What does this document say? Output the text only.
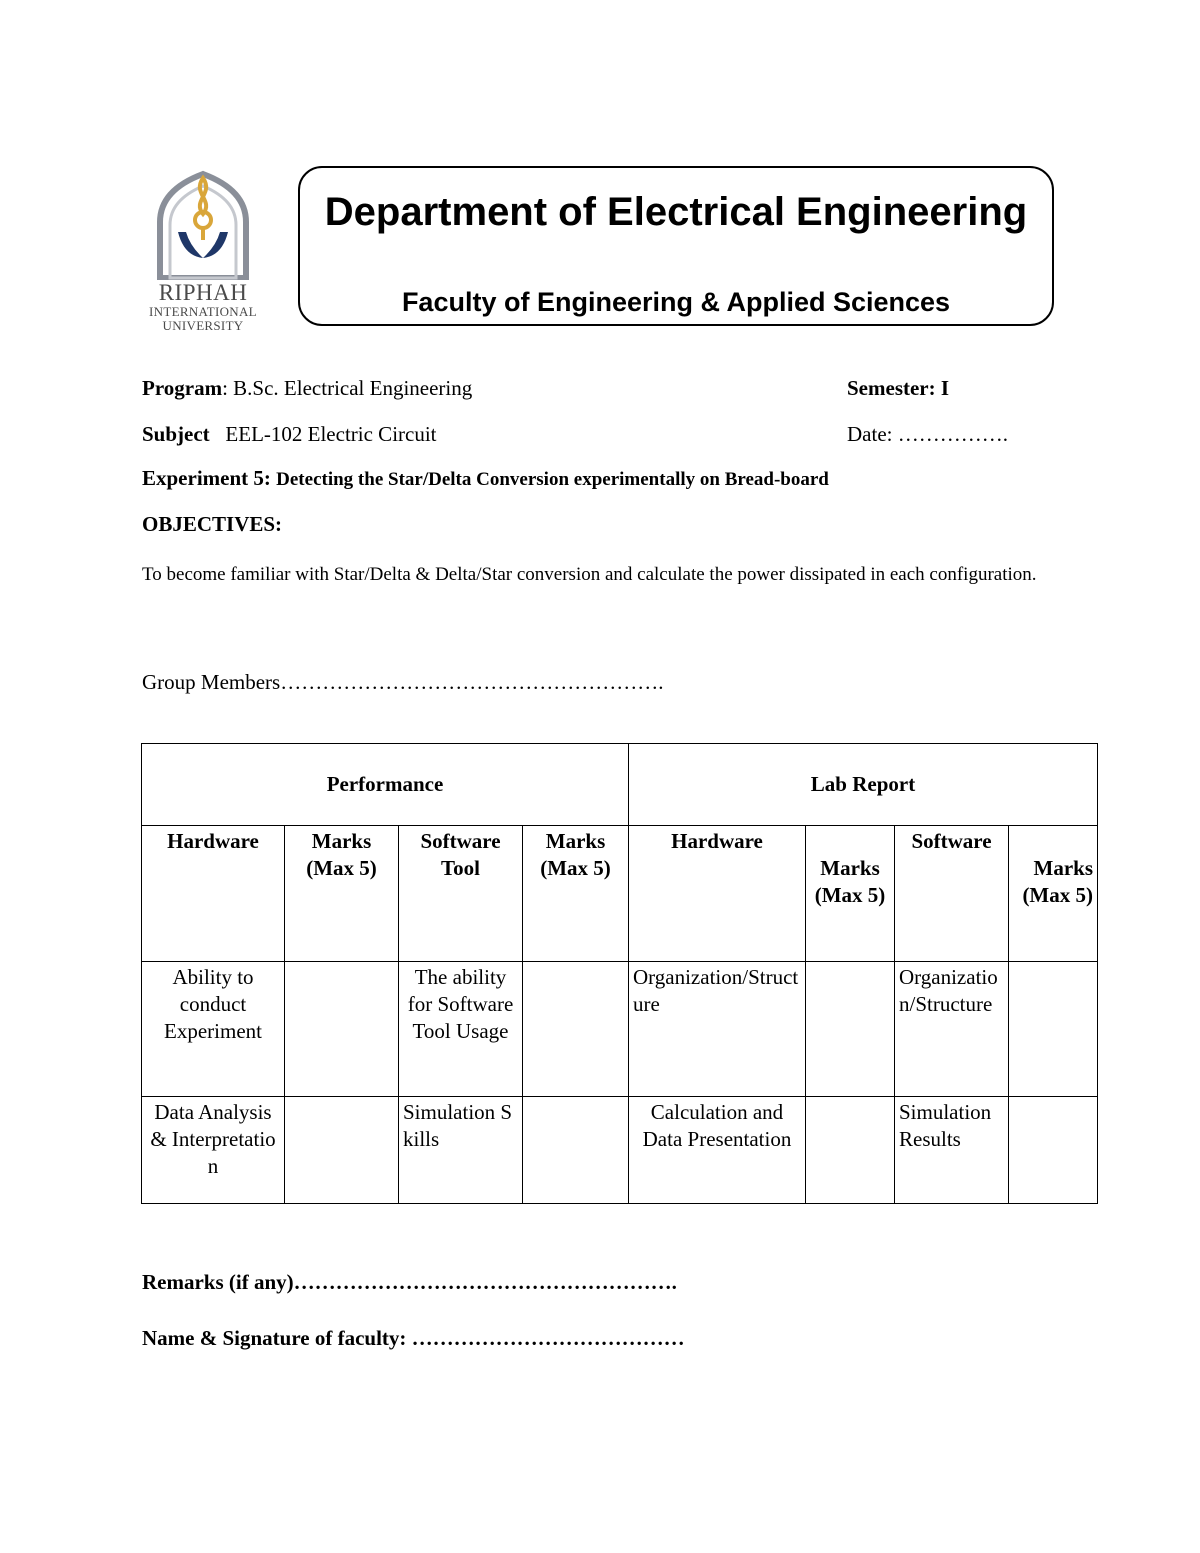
RIPHAH
INTERNATIONAL
UNIVERSITY
Department of Electrical Engineering
Faculty of Engineering & Applied Sciences
Program: B.Sc. Electrical Engineering	Semester: I
Subject EEL-102 Electric Circuit	Date: …………….
Experiment 5: Detecting the Star/Delta Conversion experimentally on Bread-board
OBJECTIVES:
To become familiar with Star/Delta & Delta/Star conversion and calculate the power dissipated in each configuration.
Group Members……………………………………………….
Performance				Lab Report			
Hardware	Marks (Max 5)	Software Tool	Marks (Max 5)	Hardware	Marks (Max 5)	Software	Marks (Max 5)
Ability to conduct Experiment		The ability for Software Tool Usage		Organization/Structure		Organization/Structure	
Data Analysis & Interpretation		Simulation Skills		Calculation and Data Presentation		Simulation Results	
Remarks (if any)……………………………………………….
Name & Signature of faculty: …………………………………
